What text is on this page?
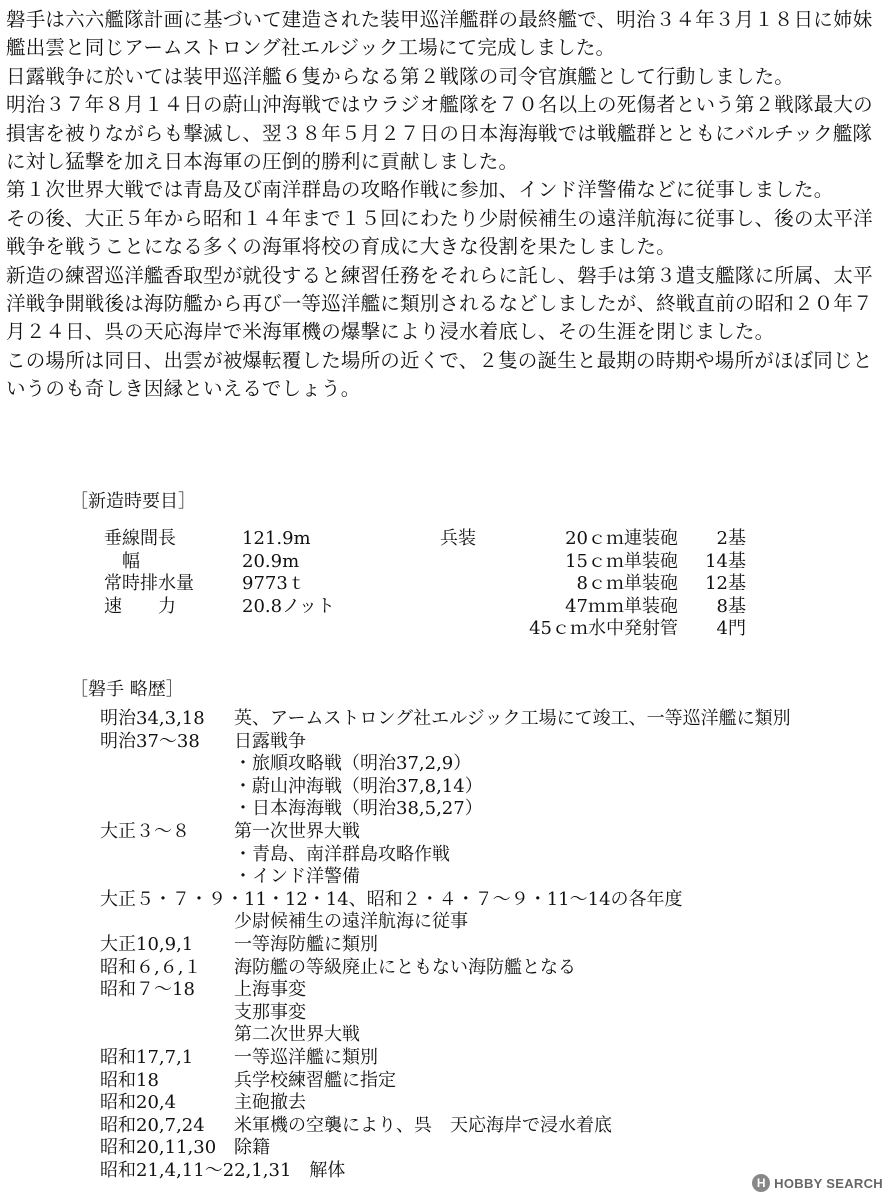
磐手は六六艦隊計画に基づいて建造された装甲巡洋艦群の最終艦で、明治３４年３月１８日に姉妹艦出雲と同じアームストロング社エルジック工場にて完成しました。

日露戦争に於いては装甲巡洋艦６隻からなる第２戦隊の司令官旗艦として行動しました。

明治３７年８月１４日の蔚山沖海戦ではウラジオ艦隊を７０名以上の死傷者という第２戦隊最大の損害を被りながらも撃滅し、翌３８年５月２７日の日本海海戦では戦艦群とともにバルチック艦隊に対し猛撃を加え日本海軍の圧倒的勝利に貢献しました。

第１次世界大戦では青島及び南洋群島の攻略作戦に参加、インド洋警備などに従事しました。

その後、大正５年から昭和１４年まで１５回にわたり少尉候補生の遠洋航海に従事し、後の太平洋戦争を戦うことになる多くの海軍将校の育成に大きな役割を果たしました。

新造の練習巡洋艦香取型が就役すると練習任務をそれらに託し、磐手は第３遣支艦隊に所属、太平洋戦争開戦後は海防艦から再び一等巡洋艦に類別されるなどしましたが、終戦直前の昭和２０年７月２４日、呉の天応海岸で米海軍機の爆撃により浸水着底し、その生涯を閉じました。

この場所は同日、出雲が被爆転覆した場所の近くで、２隻の誕生と最期の時期や場所がほぼ同じというのも奇しき因縁といえるでしょう。

［新造時要目］
垂線間長	121.9m
　幅	20.9m
常時排水量	9773ｔ
速　　力	20.8ノット
兵装	20ｃｍ連装砲	2基
15ｃｍ単装砲	14基
8ｃｍ単装砲	12基
47ｍｍ単装砲	8基
45ｃｍ水中発射管	4門
［磐手 略歴］
明治34,3,18	英、アームストロング社エルジック工場にて竣工、一等巡洋艦に類別
明治37～38	日露戦争
・旅順攻略戦（明治37,2,9）
・蔚山沖海戦（明治37,8,14）
・日本海海戦（明治38,5,27）
大正３～８	第一次世界大戦
・青島、南洋群島攻略作戦
・インド洋警備
大正５・７・９・11・12・14、昭和２・４・７～９・11～14の各年度
少尉候補生の遠洋航海に従事
大正10,9,1	一等海防艦に類別
昭和６,６,１	海防艦の等級廃止にともない海防艦となる
昭和７～18	上海事変
支那事変
第二次世界大戦
昭和17,7,1	一等巡洋艦に類別
昭和18	兵学校練習艦に指定
昭和20,4	主砲撤去
昭和20,7,24	米軍機の空襲により、呉　天応海岸で浸水着底
昭和20,11,30 除籍
昭和21,4,11～22,1,31　解体
H HOBBY SEARCH
